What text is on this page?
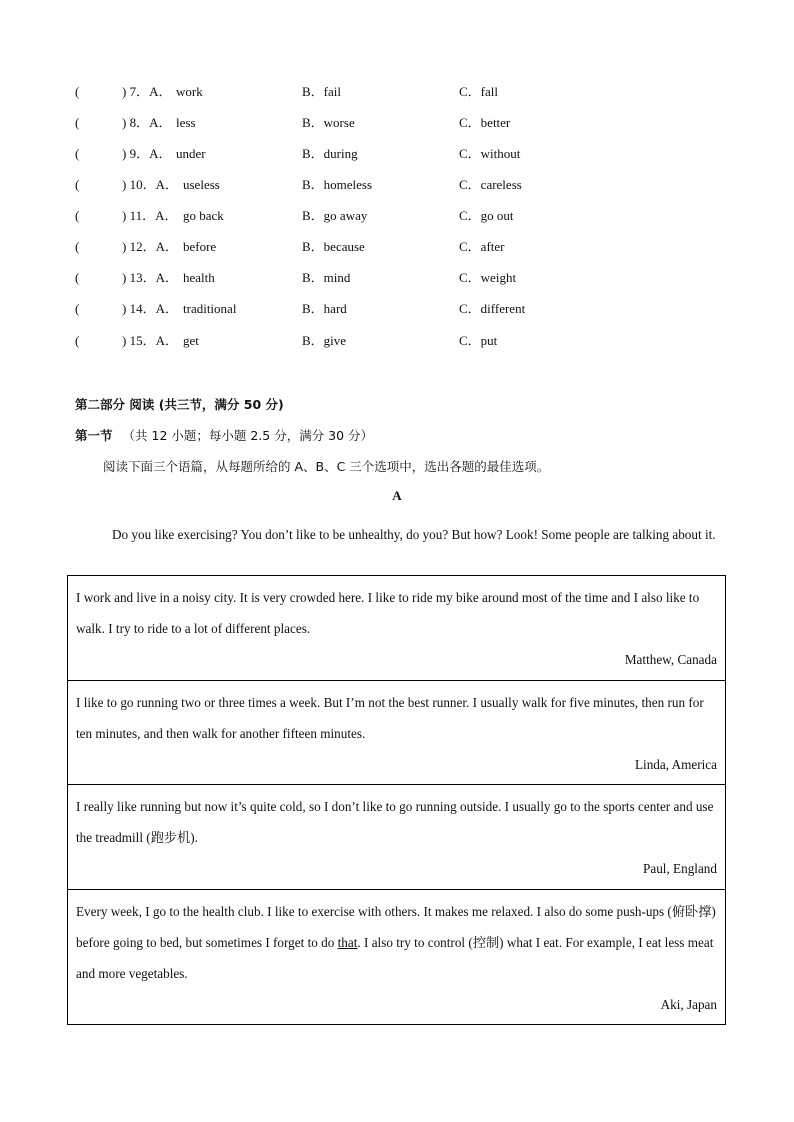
(	) 7．A． work	B．fail	C．fall
(	) 8．A． less	B．worse	C．better
(	) 9．A． under	B．during	C．without
(	) 10．A． useless	B．homeless	C．careless
(	) 11．A． go back	B．go away	C．go out
(	) 12．A． before	B．because	C．after
(	) 13．A． health	B．mind	C．weight
(	) 14．A． traditional	B．hard	C．different
(	) 15．A． get	B．give	C．put
第二部分 阅读 (共三节，满分 50 分)
第一节 （共 12 小题；每小题 2.5 分，满分 30 分）
阅读下面三个语篇，从每题所给的 A、B、C 三个选项中，选出各题的最佳选项。
A
Do you like exercising? You don’t like to be unhealthy, do you? But how? Look! Some people are talking about it.

I work and live in a noisy city. It is very crowded here. I like to ride my bike around most of the time and I also like to walk. I try to ride to a lot of different places.

Matthew, Canada

I like to go running two or three times a week. But I’m not the best runner. I usually walk for five minutes, then run for ten minutes, and then walk for another fifteen minutes.

Linda, America

I really like running but now it’s quite cold, so I don’t like to go running outside. I usually go to the sports center and use the treadmill (跑步机).

Paul, England

Every week, I go to the health club. I like to exercise with others. It makes me relaxed. I also do some push-ups (俯卧撑) before going to bed, but sometimes I forget to do that. I also try to control (控制) what I eat. For example, I eat less meat and more vegetables.

Aki, Japan
